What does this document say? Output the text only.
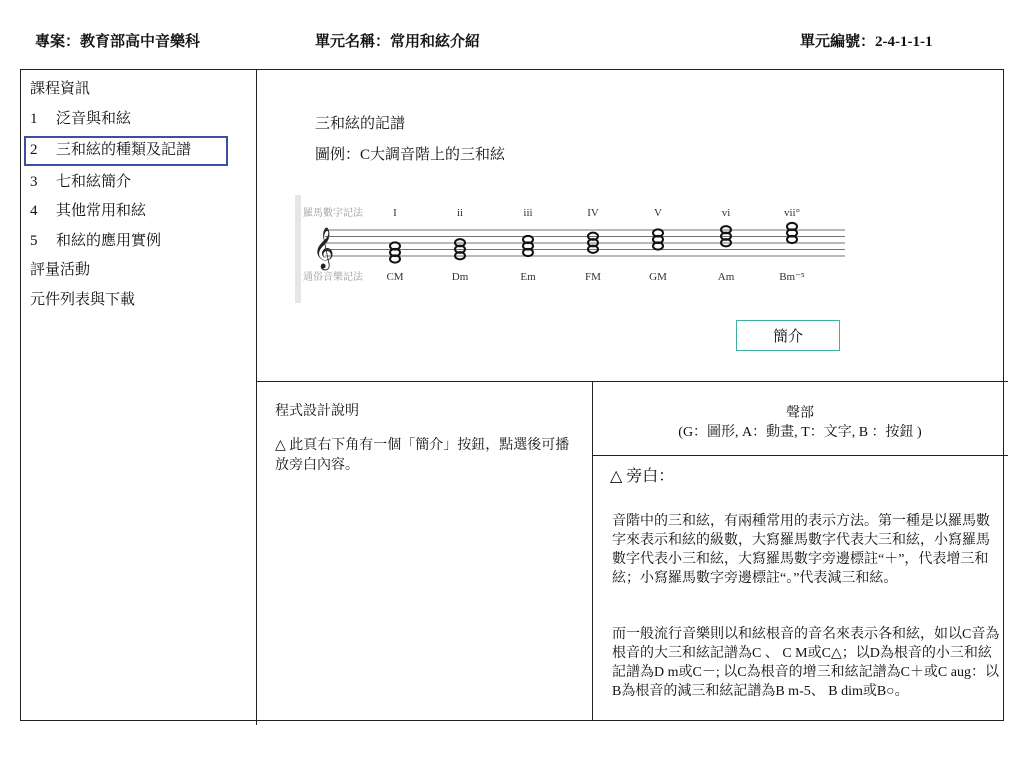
專案：教育部高中音樂科	單元名稱：常用和絃介紹	單元編號：2-4-1-1-1
課程資訊
1 泛音與和絃
2 三和絃的種類及記譜
3 七和絃簡介
4 其他常用和絃
5 和絃的應用實例
評量活動
元件列表與下載
三和絃的記譜
圖例：C大調音階上的三和絃
羅馬數字記法
通俗音樂記法
𝄞
I
CM
ii
Dm
iii
Em
IV
FM
V
GM
vi
Am
vii°
Bm⁻⁵
簡介
程式設計說明
△ 此頁右下角有一個「簡介」按鈕，點選後可播放旁白內容。
聲部
(G：圖形, A：動畫, T：文字, B ：按鈕 )
△ 旁白：
音階中的三和絃，有兩種常用的表示方法。第一種是以羅馬數字來表示和絃的級數，大寫羅馬數字代表大三和絃，小寫羅馬數字代表小三和絃，大寫羅馬數字旁邊標註“＋”，代表增三和絃；小寫羅馬數字旁邊標註“。”代表減三和絃。
而一般流行音樂則以和絃根音的音名來表示各和絃，如以C音為根音的大三和絃記譜為C 、 C M或C△；以D為根音的小三和絃記譜為D m或C－; 以C為根音的增三和絃記譜為C＋或C aug：以B為根音的減三和絃記譜為B m-5、 B dim或B○。
